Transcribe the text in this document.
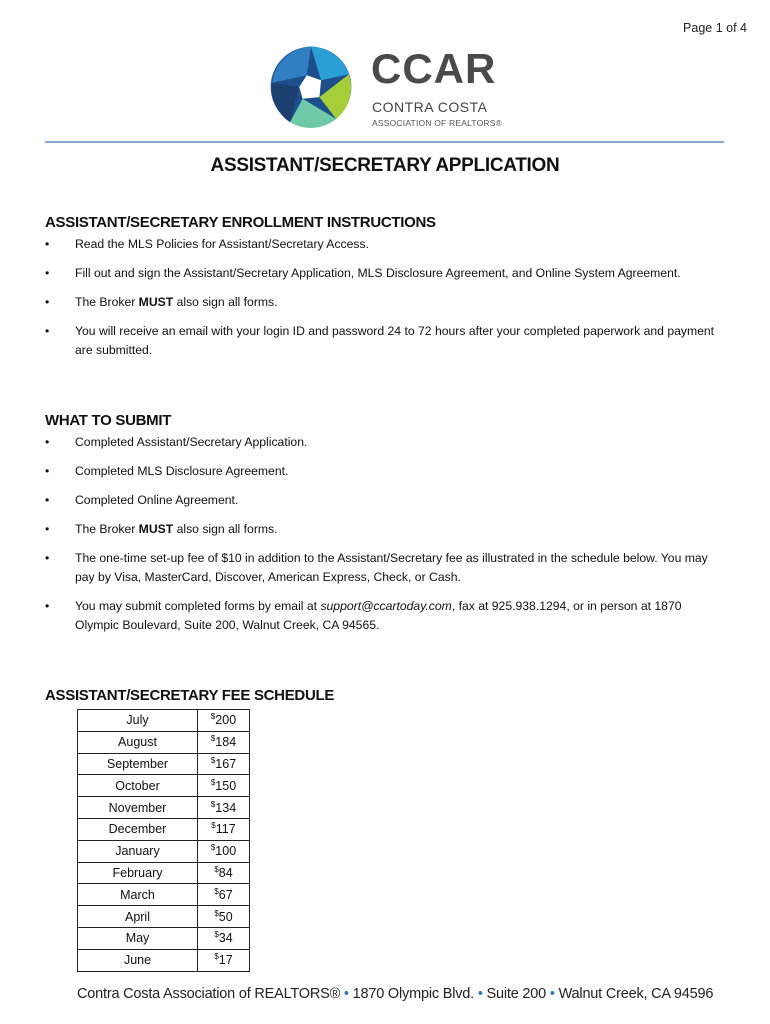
Page 1 of 4
CCAR
CONTRA COSTA
ASSOCIATION OF REALTORS®
ASSISTANT/SECRETARY APPLICATION
ASSISTANT/SECRETARY ENROLLMENT INSTRUCTIONS
• Read the MLS Policies for Assistant/Secretary Access.
• Fill out and sign the Assistant/Secretary Application, MLS Disclosure Agreement, and Online System Agreement.
• The Broker MUST also sign all forms.
• You will receive an email with your login ID and password 24 to 72 hours after your completed paperwork and payment are submitted.
WHAT TO SUBMIT
• Completed Assistant/Secretary Application.
• Completed MLS Disclosure Agreement.
• Completed Online Agreement.
• The Broker MUST also sign all forms.
• The one-time set-up fee of $10 in addition to the Assistant/Secretary fee as illustrated in the schedule below. You may pay by Visa, MasterCard, Discover, American Express, Check, or Cash.
• You may submit completed forms by email at support@ccartoday.com, fax at 925.938.1294, or in person at 1870 Olympic Boulevard, Suite 200, Walnut Creek, CA 94565.
ASSISTANT/SECRETARY FEE SCHEDULE
July	$200
August	$184
September	$167
October	$150
November	$134
December	$117
January	$100
February	$84
March	$67
April	$50
May	$34
June	$17
Contra Costa Association of REALTORS® • 1870 Olympic Blvd. • Suite 200 • Walnut Creek, CA 94596
